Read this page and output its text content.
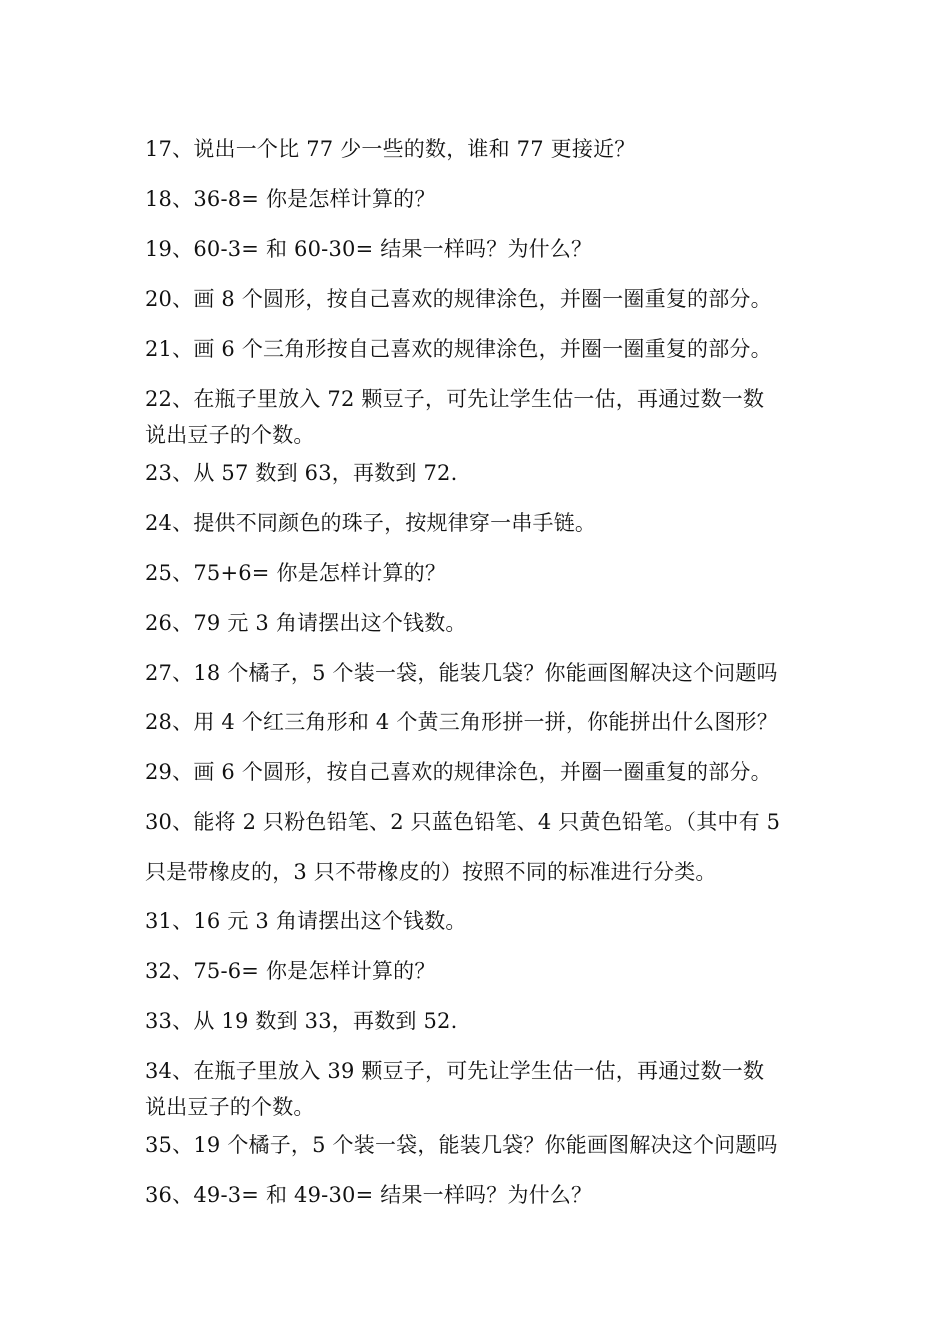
17、说出一个比 77 少一些的数，谁和 77 更接近？
18、36-8= 你是怎样计算的？
19、60-3= 和 60-30= 结果一样吗？为什么？
20、画 8 个圆形，按自己喜欢的规律涂色，并圈一圈重复的部分。
21、画 6 个三角形按自己喜欢的规律涂色，并圈一圈重复的部分。
22、在瓶子里放入 72 颗豆子，可先让学生估一估，再通过数一数
说出豆子的个数。
23、从 57 数到 63，再数到 72.
24、提供不同颜色的珠子，按规律穿一串手链。
25、75+6= 你是怎样计算的？
26、79 元 3 角请摆出这个钱数。
27、18 个橘子，5 个装一袋，能装几袋？你能画图解决这个问题吗
28、用 4 个红三角形和 4 个黄三角形拼一拼，你能拼出什么图形？
29、画 6 个圆形，按自己喜欢的规律涂色，并圈一圈重复的部分。
30、能将 2 只粉色铅笔、2 只蓝色铅笔、4 只黄色铅笔。（其中有 5
只是带橡皮的，3 只不带橡皮的）按照不同的标准进行分类。
31、16 元 3 角请摆出这个钱数。
32、75-6= 你是怎样计算的？
33、从 19 数到 33，再数到 52.
34、在瓶子里放入 39 颗豆子，可先让学生估一估，再通过数一数
说出豆子的个数。
35、19 个橘子，5 个装一袋，能装几袋？你能画图解决这个问题吗
36、49-3= 和 49-30= 结果一样吗？为什么？
